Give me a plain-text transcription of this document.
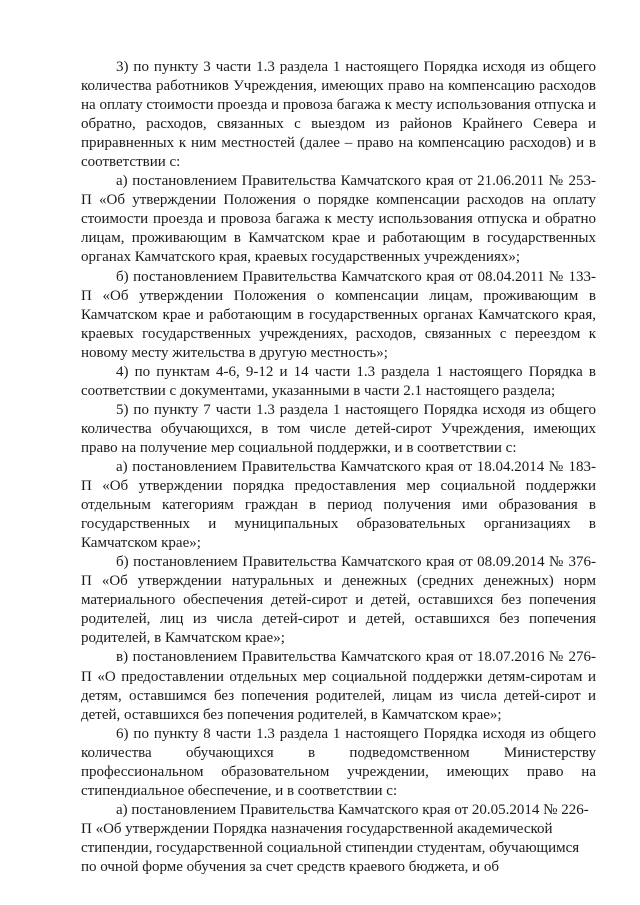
3) по пункту 3 части 1.3 раздела 1 настоящего Порядка исходя из общего количества работников Учреждения, имеющих право на компенсацию расходов на оплату стоимости проезда и провоза багажа к месту использования отпуска и обратно, расходов, связанных с выездом из районов Крайнего Севера и приравненных к ним местностей (далее – право на компенсацию расходов) и в соответствии с:

а) постановлением Правительства Камчатского края от 21.06.2011 № 253-П «Об утверждении Положения о порядке компенсации расходов на оплату стоимости проезда и провоза багажа к месту использования отпуска и обратно лицам, проживающим в Камчатском крае и работающим в государственных органах Камчатского края, краевых государственных учреждениях»;

б) постановлением Правительства Камчатского края от 08.04.2011 № 133-П «Об утверждении Положения о компенсации лицам, проживающим в Камчатском крае и работающим в государственных органах Камчатского края, краевых государственных учреждениях, расходов, связанных с переездом к новому месту жительства в другую местность»;

4) по пунктам 4-6, 9-12 и 14 части 1.3 раздела 1 настоящего Порядка в соответствии с документами, указанными в части 2.1 настоящего раздела;

5) по пункту 7 части 1.3 раздела 1 настоящего Порядка исходя из общего количества обучающихся, в том числе детей-сирот Учреждения, имеющих право на получение мер социальной поддержки, и в соответствии с:

а) постановлением Правительства Камчатского края от 18.04.2014 № 183-П «Об утверждении порядка предоставления мер социальной поддержки отдельным категориям граждан в период получения ими образования в государственных и муниципальных образовательных организациях в Камчатском крае»;

б) постановлением Правительства Камчатского края от 08.09.2014 № 376-П «Об утверждении натуральных и денежных (средних денежных) норм материального обеспечения детей-сирот и детей, оставшихся без попечения родителей, лиц из числа детей-сирот и детей, оставшихся без попечения родителей, в Камчатском крае»;

в) постановлением Правительства Камчатского края от 18.07.2016 № 276-П «О предоставлении отдельных мер социальной поддержки детям-сиротам и детям, оставшимся без попечения родителей, лицам из числа детей-сирот и детей, оставшихся без попечения родителей, в Камчатском крае»;

6) по пункту 8 части 1.3 раздела 1 настоящего Порядка исходя из общего количества обучающихся в подведомственном Министерству профессиональном образовательном учреждении, имеющих право на стипендиальное обеспечение, и в соответствии с:

а) постановлением Правительства Камчатского края от 20.05.2014 № 226-П «Об утверждении Порядка назначения государственной академической стипендии, государственной социальной стипендии студентам, обучающимся по очной форме обучения за счет средств краевого бюджета, и об
